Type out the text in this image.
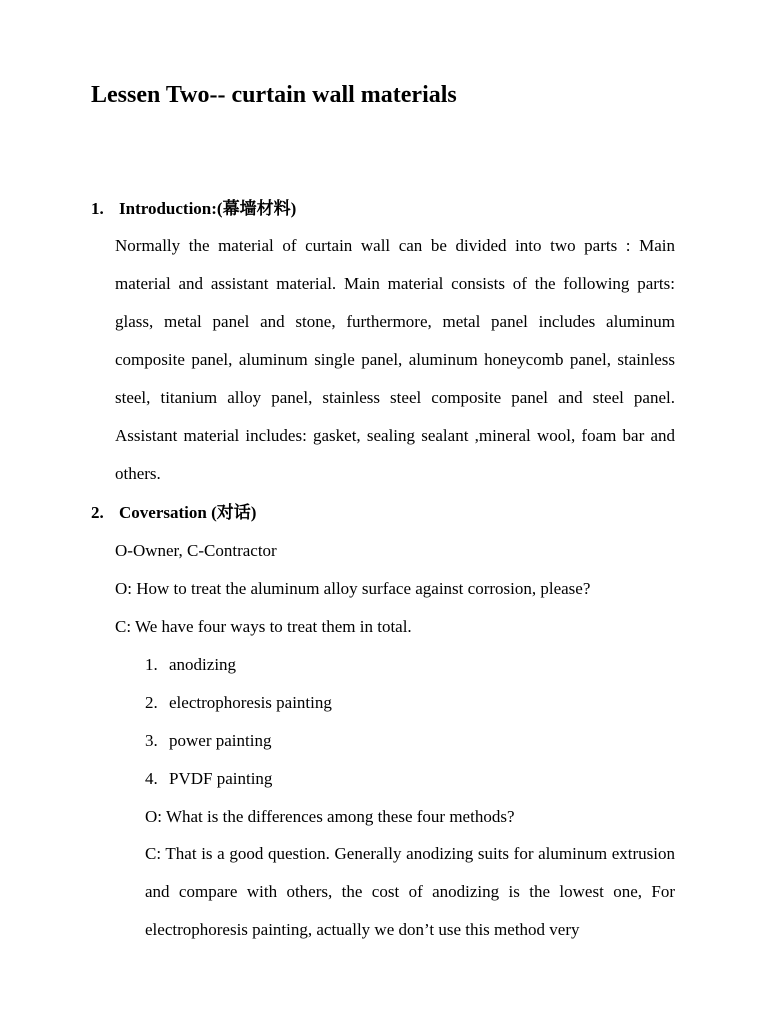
Lessen Two-- curtain wall materials
1. Introduction:(幕墙材料)
Normally the material of curtain wall can be divided into two parts : Main material and assistant material. Main material consists of the following parts: glass, metal panel and stone, furthermore, metal panel includes aluminum composite panel, aluminum single panel, aluminum honeycomb panel, stainless steel, titanium alloy panel, stainless steel composite panel and steel panel. Assistant material includes: gasket, sealing sealant ,mineral wool, foam bar and others.
2. Coversation (对话)
O-Owner, C-Contractor
O: How to treat the aluminum alloy surface against corrosion, please?
C: We have four ways to treat them in total.
1. anodizing
2. electrophoresis painting
3. power painting
4. PVDF painting
O: What is the differences among these four methods?
C: That is a good question. Generally anodizing suits for aluminum extrusion and compare with others, the cost of anodizing is the lowest one, For electrophoresis painting, actually we don’t use this method very
